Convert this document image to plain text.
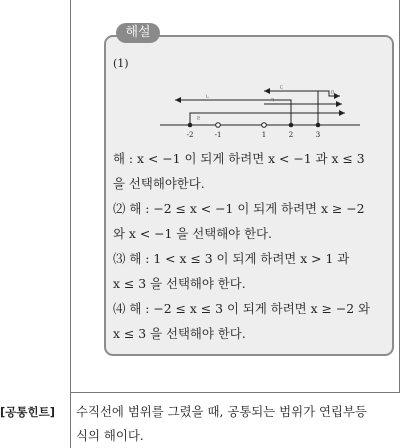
해설
(1)
-2	-1	1	2	3
ㄴ
ㄹ
ㄱ
ㄷ
ㅁ
해 : x < −1 이 되게 하려면 x < −1 과 x ≤ 3
을 선택해야한다.
⑵ 해 : −2 ≤ x < −1 이 되게 하려면 x ≥ −2
와 x < −1 을 선택해야 한다.
⑶ 해 : 1 < x ≤ 3 이 되게 하려면 x > 1 과
x ≤ 3 을 선택해야 한다.
⑷ 해 : −2 ≤ x ≤ 3 이 되게 하려면 x ≥ −2 와
x ≤ 3 을 선택해야 한다.
[공통힌트] 수직선에 범위를 그렸을 때, 공통되는 범위가 연립부등
식의 해이다.
